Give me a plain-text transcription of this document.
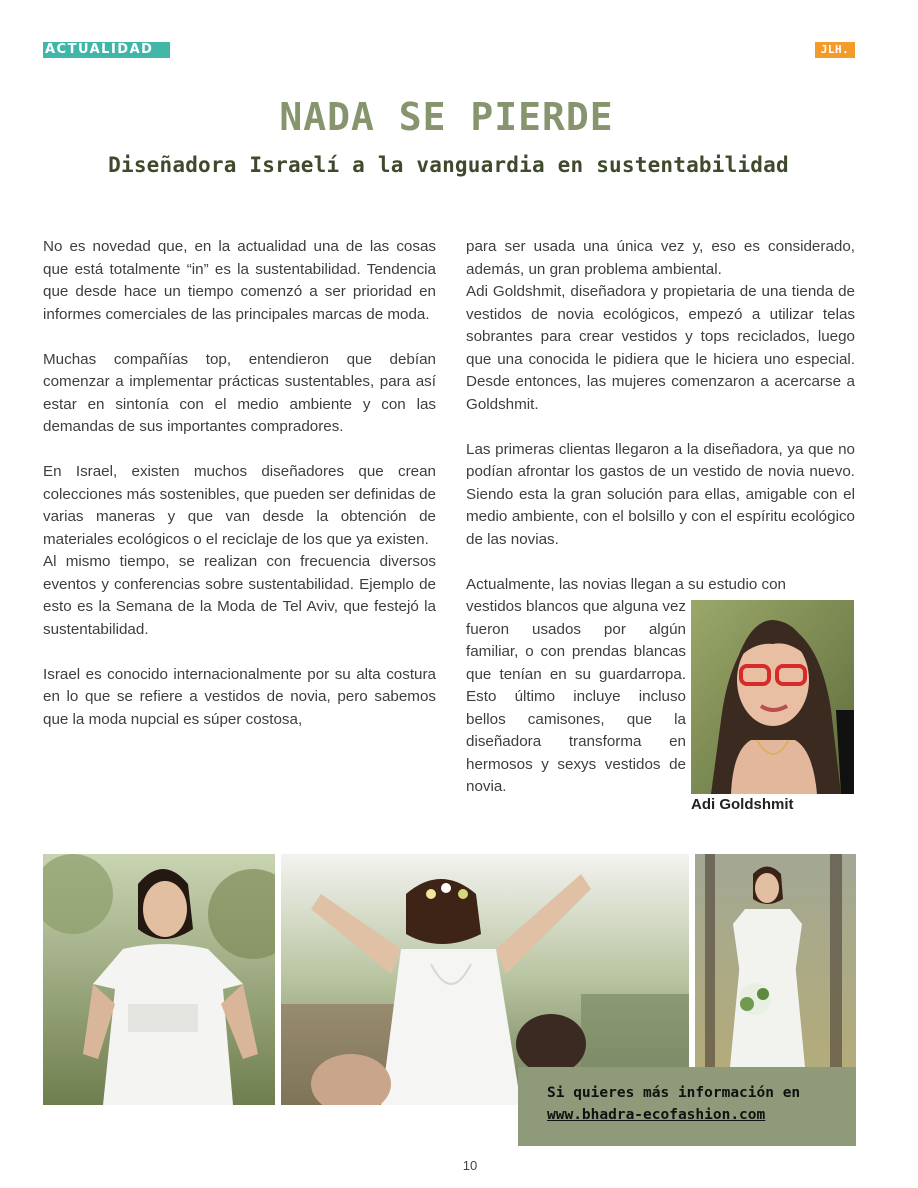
ACTUALIDAD	JLH.
NADA SE PIERDE
Diseñadora Israelí a la vanguardia en sustentabilidad

No es novedad que, en la actualidad una de las cosas que está totalmente “in” es la sustentabilidad. Tendencia que desde hace un tiempo comenzó a ser prioridad en informes comerciales de las principales marcas de moda.

Muchas compañías top, entendieron que debían comenzar a implementar prácticas sustentables, para así estar en sintonía con el medio ambiente y con las demandas de sus importantes compradores.

En Israel, existen muchos diseñadores que crean colecciones más sostenibles, que pueden ser definidas de varias maneras y que van desde la obtención de materiales ecológicos o el reciclaje de los que ya existen.

Al mismo tiempo, se realizan con frecuencia diversos eventos y conferencias sobre sustentabilidad. Ejemplo de esto es la Semana de la Moda de Tel Aviv, que festejó la sustentabilidad.

Israel es conocido internacionalmente por su alta costura en lo que se refiere a vestidos de novia, pero sabemos que la moda nupcial es súper costosa,

para ser usada una única vez y, eso es considerado, además, un gran problema ambiental.

Adi Goldshmit, diseñadora y propietaria de una tienda de vestidos de novia ecológicos, empezó a utilizar telas sobrantes para crear vestidos y tops reciclados, luego que una conocida le pidiera que le hiciera uno especial. Desde entonces, las mujeres comenzaron a acercarse a Goldshmit.

Las primeras clientas llegaron a la diseñadora, ya que no podían afrontar los gastos de un vestido de novia nuevo. Siendo esta la gran solución para ellas, amigable con el medio ambiente, con el bolsillo y con el espíritu ecológico de las novias.

Actualmente, las novias llegan a su estudio con

vestidos blancos que alguna vez fueron usados por algún familiar, o con prendas blancas que tenían en su guardarropa. Esto último incluye incluso bellos camisones, que la diseñadora transforma en hermosos y sexys vestidos de novia.

Adi Goldshmit
Si quieres más información en
www.bhadra-ecofashion.com
10
